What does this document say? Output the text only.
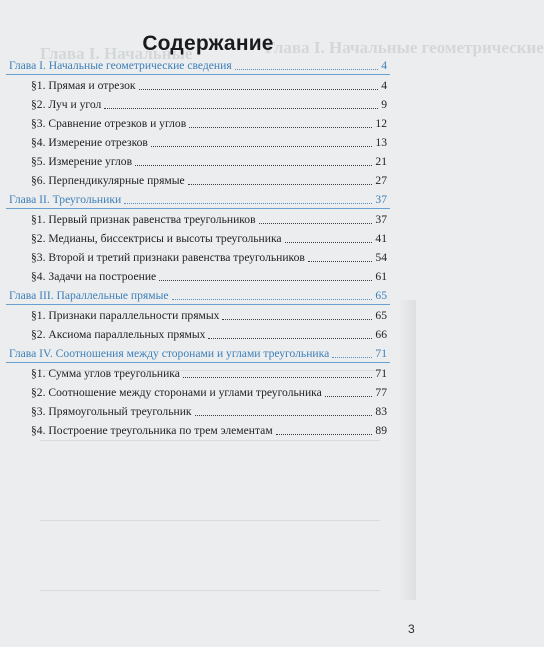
Глава I. Начальные геометрические
Глава I. Начальные
Содержание
Глава I. Начальные геометрические сведения	4
§1. Прямая и отрезок	4
§2. Луч и угол	9
§3. Сравнение отрезков и углов	12
§4. Измерение отрезков	13
§5. Измерение углов	21
§6. Перпендикулярные прямые	27
Глава II. Треугольники	37
§1. Первый признак равенства треугольников	37
§2. Медианы, биссектрисы и высоты треугольника	41
§3. Второй и третий признаки равенства треугольников	54
§4. Задачи на построение	61
Глава III. Параллельные прямые	65
§1. Признаки параллельности прямых	65
§2. Аксиома параллельных прямых	66
Глава IV. Соотношения между сторонами и углами треугольника	71
§1. Сумма углов треугольника	71
§2. Соотношение между сторонами и углами треугольника	77
§3. Прямоугольный треугольник	83
§4. Построение треугольника по трем элементам	89
3
